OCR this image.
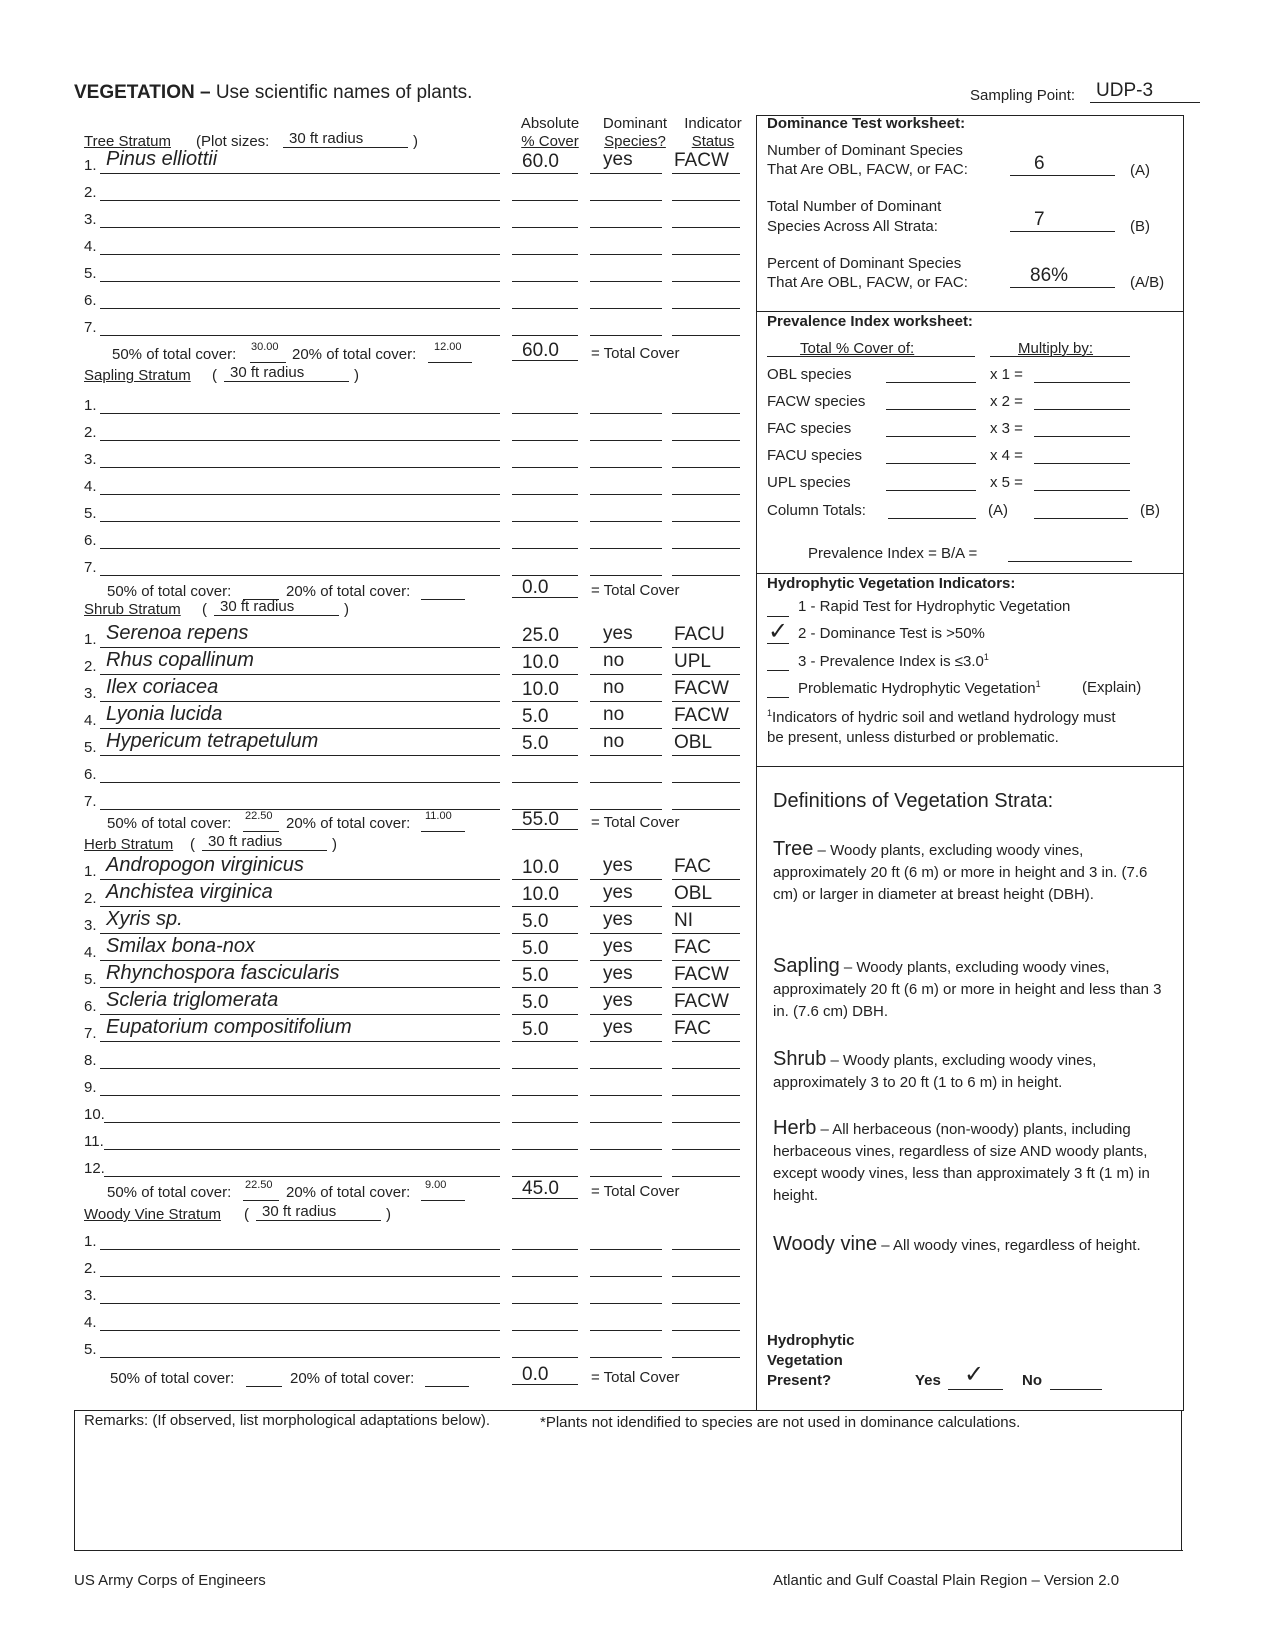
VEGETATION – Use scientific names of plants.	Sampling Point:	UDP-3
Absolute
% Cover
Dominant
Species?
Indicator
Status
Tree Stratum (Plot sizes:	30 ft radius	)
1. Pinus elliottii	60.0 yes FACW
2.
3.
4.
5.
6.
7.
50% of total cover: 30.00 20% of total cover: 12.00	60.0 = Total Cover
Sapling Stratum ( 30 ft radius	)
1.
2.
3.
4.
5.
6.
7.
50% of total cover:	20% of total cover:	0.0	= Total Cover
Shrub Stratum ( 30 ft radius	)
1. Serenoa repens	25.0 yes FACU
2. Rhus copallinum	10.0 no	UPL
3. Ilex coriacea	10.0 no	FACW
4. Lyonia lucida	5.0	no	FACW
5. Hypericum tetrapetulum	5.0	no	OBL
6.
7.
50% of total cover: 22.50 20% of total cover: 11.00	55.0 = Total Cover
Herb Stratum ( 30 ft radius	)
1. Andropogon virginicus	10.0 yes FAC
2. Anchistea virginica	10.0 yes OBL
3. Xyris sp.	5.0	yes NI
4. Smilax bona-nox	5.0	yes FAC
5. Rhynchospora fascicularis	5.0	yes FACW
6. Scleria triglomerata	5.0	yes FACW
7. Eupatorium compositifolium	5.0	yes FAC
8.
9.
10.
11.
12.
50% of total cover: 22.50 20% of total cover: 9.00	45.0 = Total Cover
Woody Vine Stratum ( 30 ft radius	)
1.
2.
3.
4.
5.
50% of total cover:	20% of total cover:	0.0	= Total Cover
Dominance Test worksheet:
Number of Dominant Species
That Are OBL, FACW, or FAC:	6	(A)
Total Number of Dominant
Species Across All Strata:	7	(B)
Percent of Dominant Species
That Are OBL, FACW, or FAC:	86%	(A/B)
Prevalence Index worksheet:
Total % Cover of:	Multiply by:
OBL species	x 1 =
FACW species	x 2 =
FAC species	x 3 =
FACU species	x 4 =
UPL species	x 5 =
Column Totals:	(A)	(B)
Prevalence Index = B/A =
Hydrophytic Vegetation Indicators:
1 - Rapid Test for Hydrophytic Vegetation
✓ 2 - Dominance Test is >50%
3 - Prevalence Index is $\le 3.0^1$
Problematic Hydrophytic Vegetation$^1$	(Explain)
$^1$Indicators of hydric soil and wetland hydrology must
be present, unless disturbed or problematic.
Definitions of Vegetation Strata:
Tree – Woody plants, excluding woody vines, approximately 20 ft (6 m) or more in height and 3 in. (7.6 cm) or larger in diameter at breast height (DBH).
Sapling – Woody plants, excluding woody vines, approximately 20 ft (6 m) or more in height and less than 3 in. (7.6 cm) DBH.
Shrub – Woody plants, excluding woody vines, approximately 3 to 20 ft (1 to 6 m) in height.
Herb – All herbaceous (non-woody) plants, including herbaceous vines, regardless of size AND woody plants, except woody vines, less than approximately 3 ft (1 m) in height.
Woody vine – All woody vines, regardless of height.
Hydrophytic
Vegetation
Present?	Yes ✓	No
Remarks: (If observed, list morphological adaptations below).	*Plants not idendified to species are not used in dominance calculations.
US Army Corps of Engineers	Atlantic and Gulf Coastal Plain Region – Version 2.0
